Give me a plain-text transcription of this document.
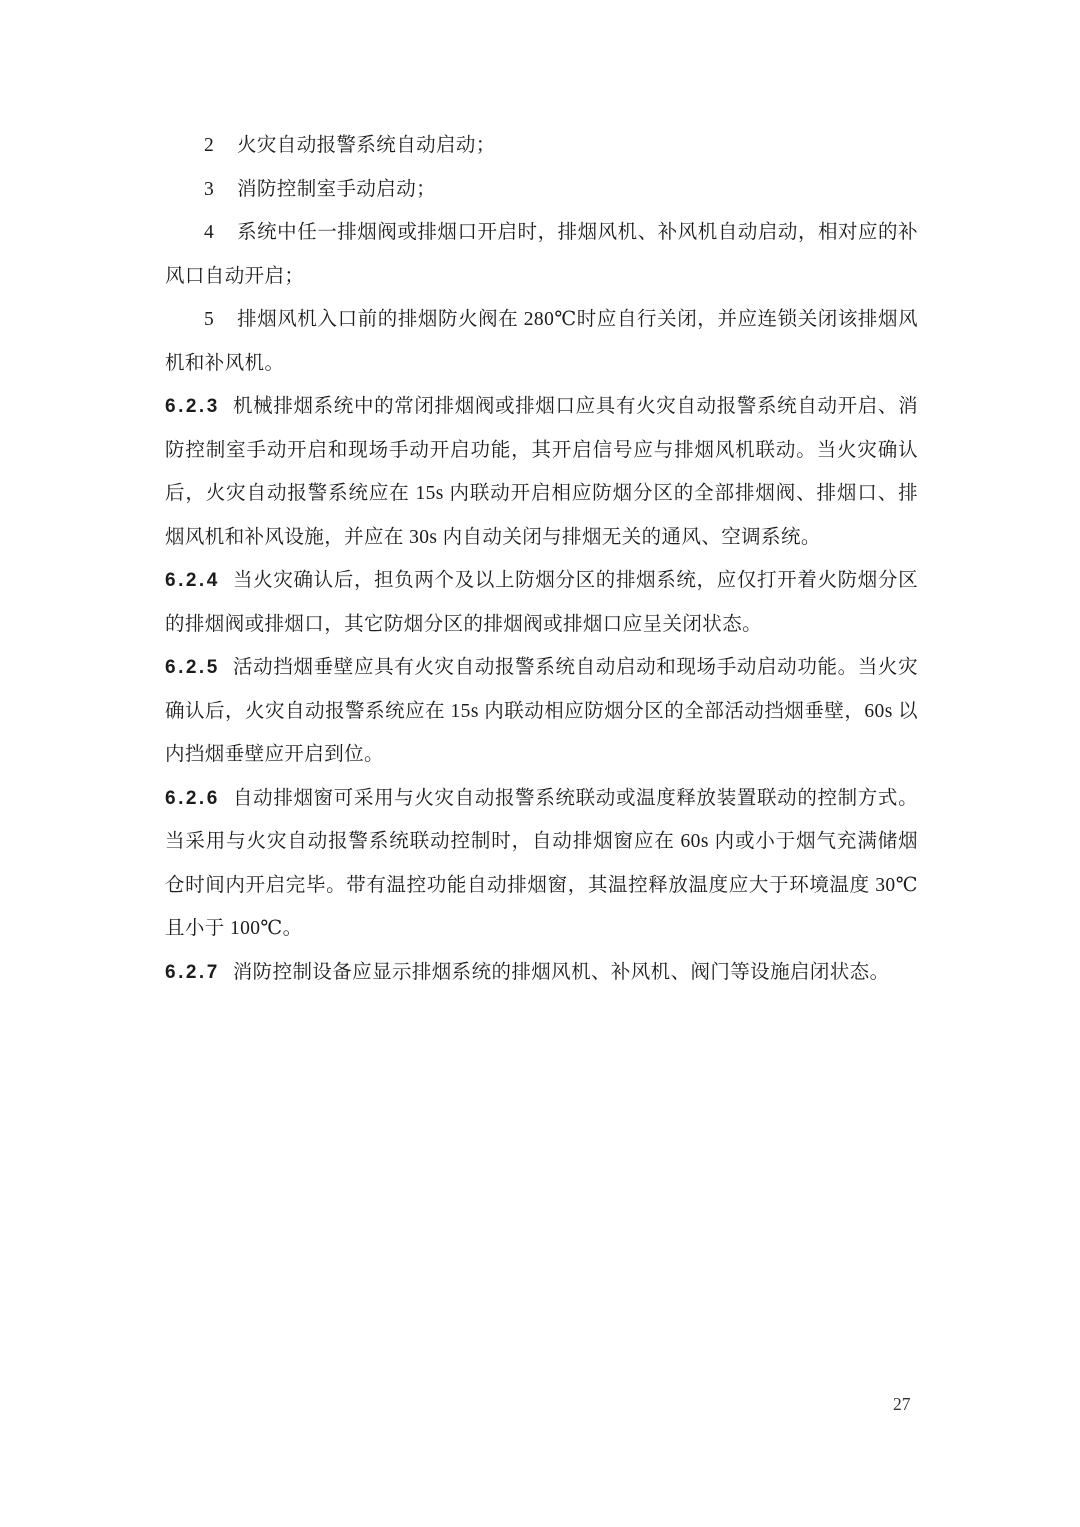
2 火灾自动报警系统自动启动；

3 消防控制室手动启动；

4 系统中任一排烟阀或排烟口开启时，排烟风机、补风机自动启动，相对应的补风口自动开启；

5 排烟风机入口前的排烟防火阀在 280℃时应自行关闭，并应连锁关闭该排烟风机和补风机。

6.2.3 机械排烟系统中的常闭排烟阀或排烟口应具有火灾自动报警系统自动开启、消防控制室手动开启和现场手动开启功能，其开启信号应与排烟风机联动。当火灾确认后，火灾自动报警系统应在 15s 内联动开启相应防烟分区的全部排烟阀、排烟口、排烟风机和补风设施，并应在 30s 内自动关闭与排烟无关的通风、空调系统。

6.2.4 当火灾确认后，担负两个及以上防烟分区的排烟系统，应仅打开着火防烟分区的排烟阀或排烟口，其它防烟分区的排烟阀或排烟口应呈关闭状态。

6.2.5 活动挡烟垂壁应具有火灾自动报警系统自动启动和现场手动启动功能。当火灾确认后，火灾自动报警系统应在 15s 内联动相应防烟分区的全部活动挡烟垂壁，60s 以内挡烟垂壁应开启到位。

6.2.6 自动排烟窗可采用与火灾自动报警系统联动或温度释放装置联动的控制方式。当采用与火灾自动报警系统联动控制时，自动排烟窗应在 60s 内或小于烟气充满储烟仓时间内开启完毕。带有温控功能自动排烟窗，其温控释放温度应大于环境温度 30℃且小于 100℃。

6.2.7 消防控制设备应显示排烟系统的排烟风机、补风机、阀门等设施启闭状态。

27
